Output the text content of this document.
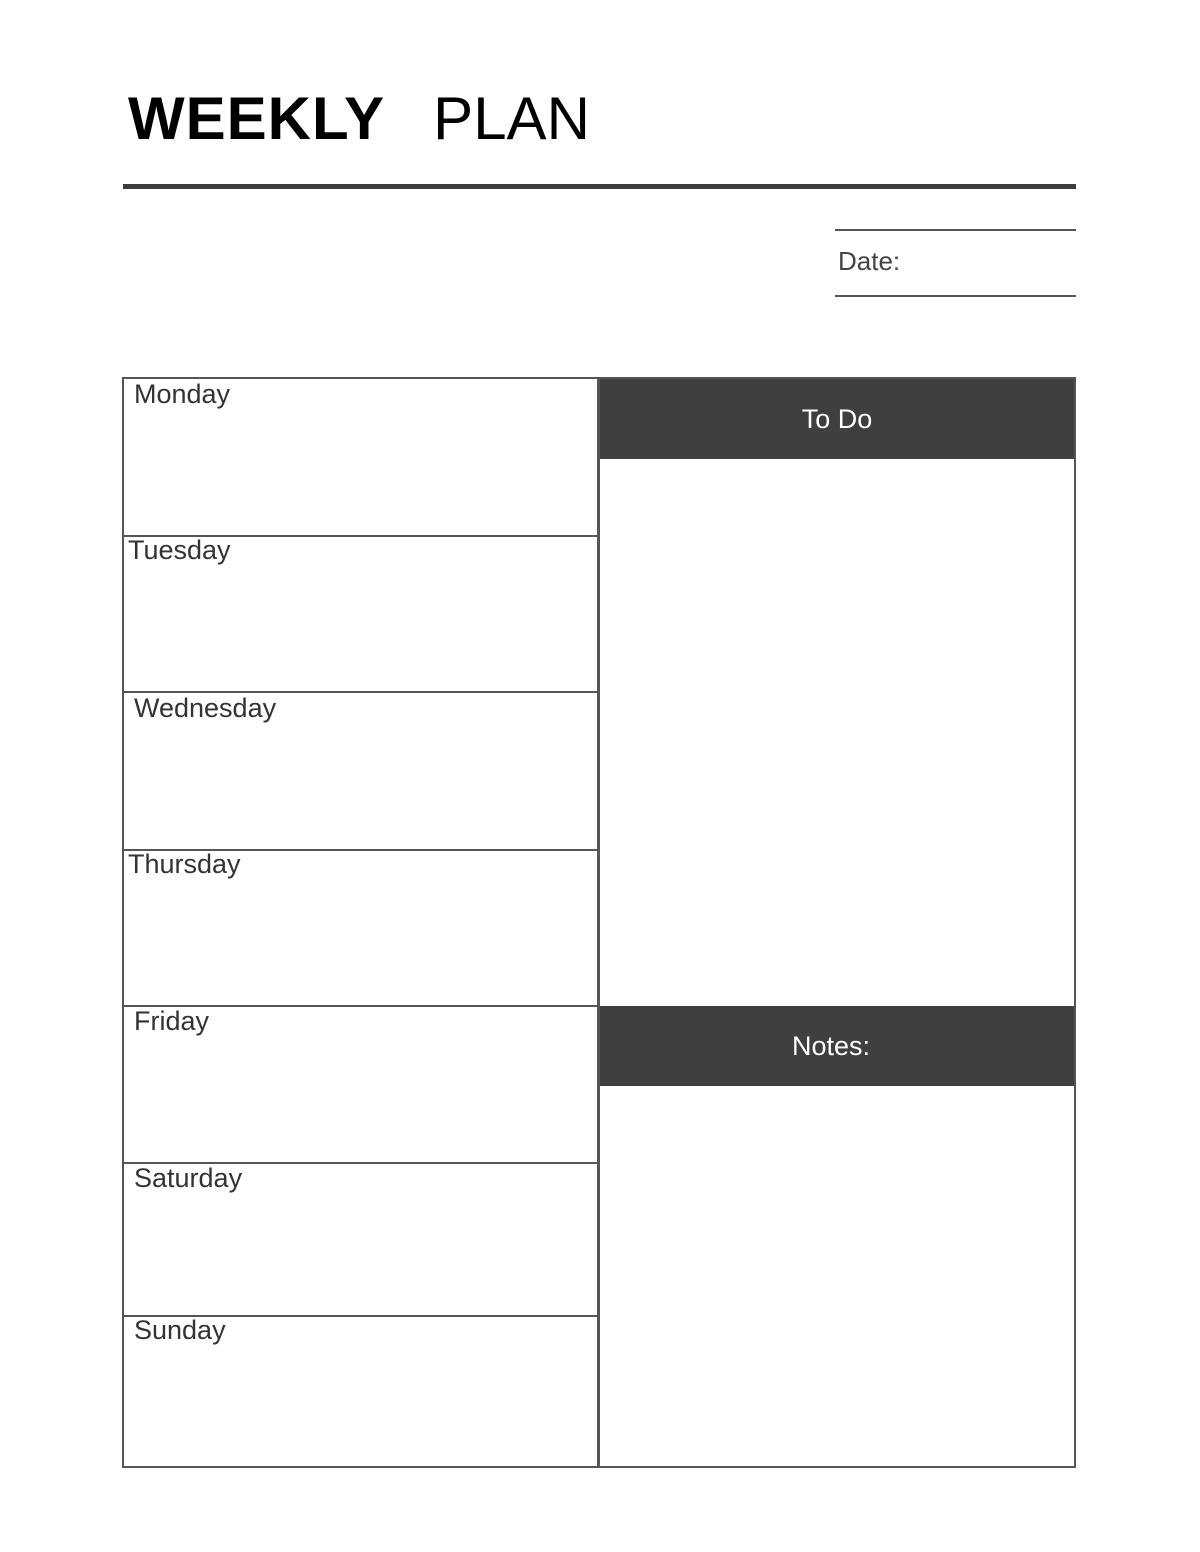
WEEKLY PLAN
Date:
Monday
Tuesday
Wednesday
Thursday
Friday
Saturday
Sunday
To Do
Notes:
